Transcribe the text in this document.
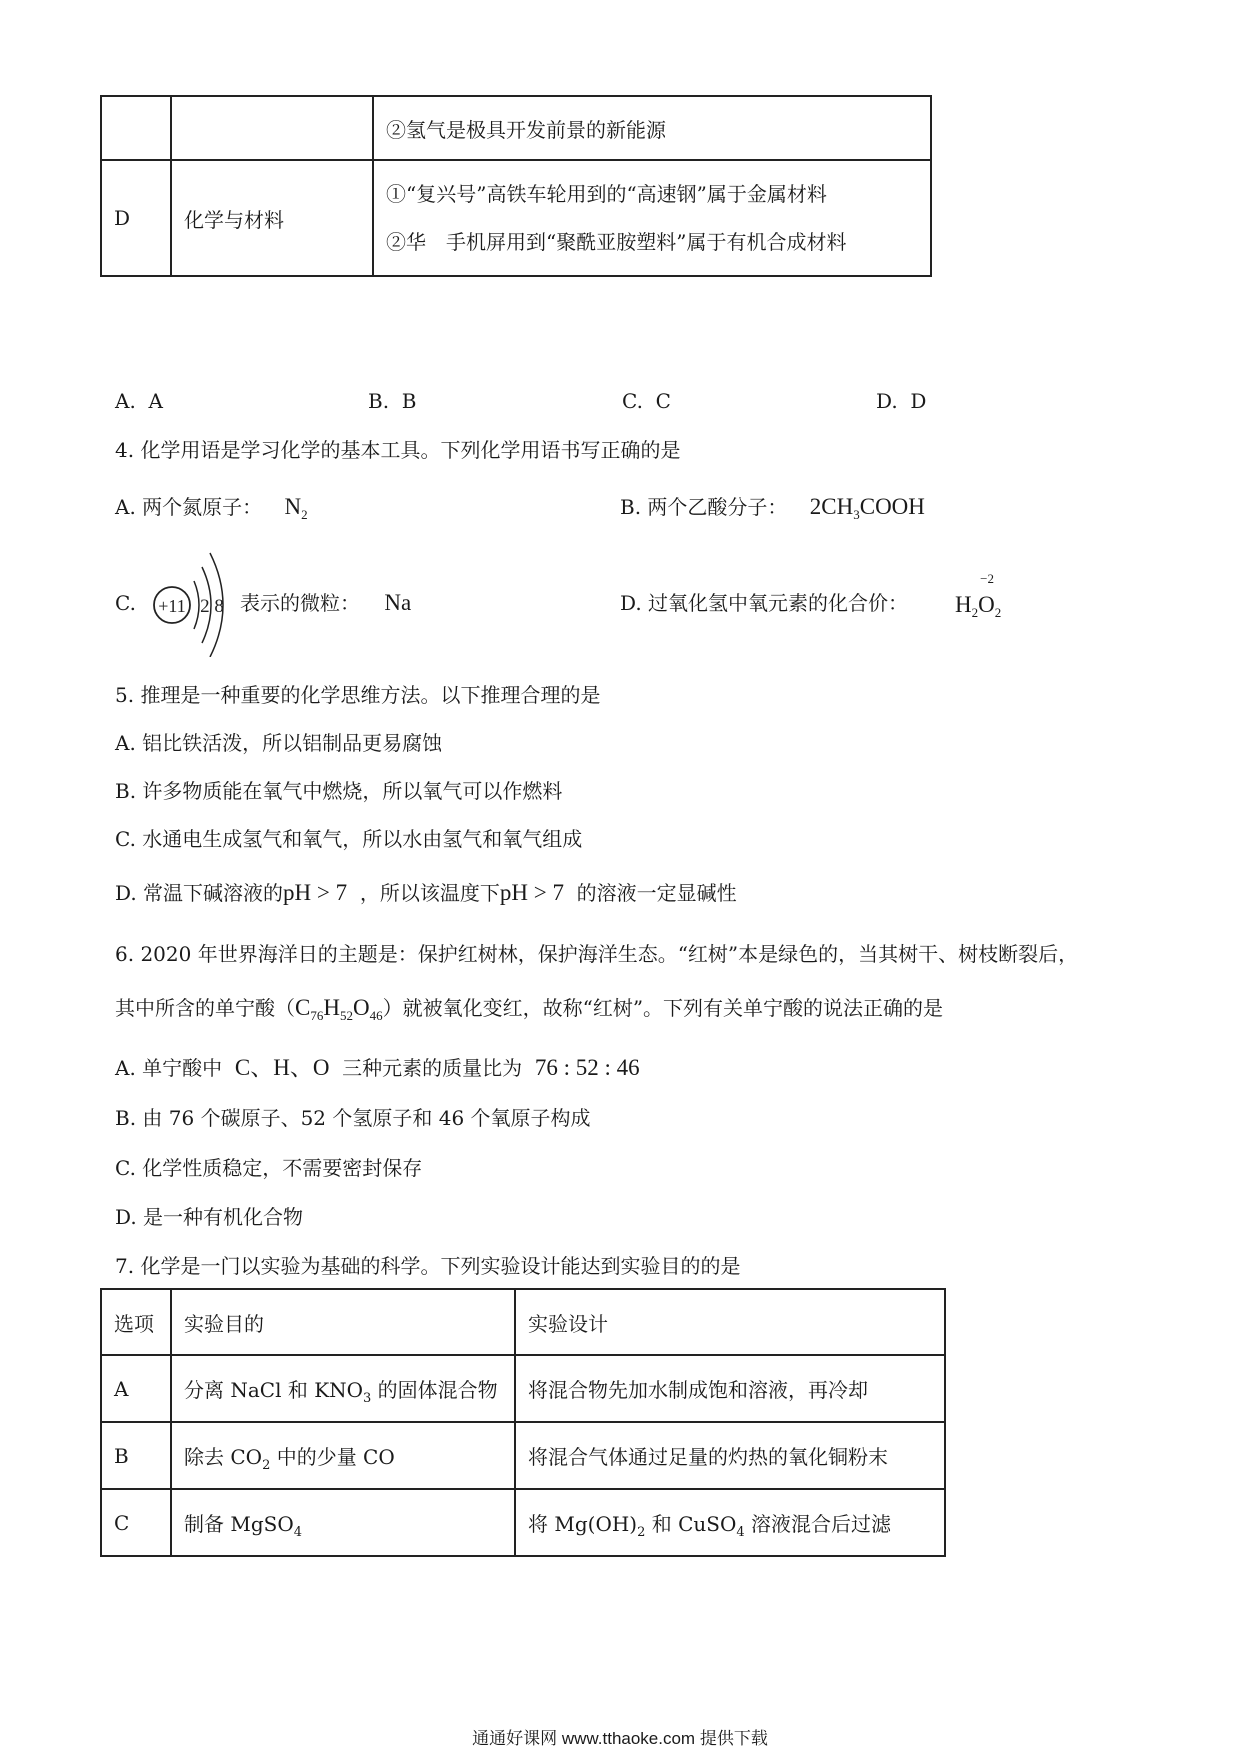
		②氢气是极具开发前景的新能源
D	化学与材料	①“复兴号”高铁车轮用到的“高速钢”属于金属材料
②华　手机屏用到“聚酰亚胺塑料”属于有机合成材料
A. A	B. B	C. C	D. D
4. 化学用语是学习化学的基本工具。下列化学用语书写正确的是
A. 两个氮原子： $N_2$	B. 两个乙酸分子： $2CH_3COOH$
C. +11 2 8 表示的微粒： Na	D. 过氧化氢中氧元素的化合价： $H_2$
−2
$O_2$
5. 推理是一种重要的化学思维方法。以下推理合理的是
A. 铝比铁活泼，所以铝制品更易腐蚀
B. 许多物质能在氧气中燃烧，所以氧气可以作燃料
C. 水通电生成氢气和氧气，所以水由氢气和氧气组成
D. 常温下碱溶液的pH > 7 ，所以该温度下pH > 7 的溶液一定显碱性
6. 2020 年世界海洋日的主题是：保护红树林，保护海洋生态。“红树”本是绿色的，当其树干、树枝断裂后，
其中所含的单宁酸$(C_{76}H_{52}O_{46})$就被氧化变红，故称“红树”。下列有关单宁酸的说法正确的是
A. 单宁酸中 C、H、O 三种元素的质量比为 76 : 52 : 46
B. 由 76 个碳原子、52 个氢原子和 46 个氧原子构成
C. 化学性质稳定，不需要密封保存
D. 是一种有机化合物
7. 化学是一门以实验为基础的科学。下列实验设计能达到实验目的的是
选项	实验目的	实验设计
A	分离 NaCl 和 $KNO_3$ 的固体混合物	将混合物先加水制成饱和溶液，再冷却
B	除去 $CO_2$ 中的少量 CO	将混合气体通过足量的灼热的氧化铜粉末
C	制备 MgSO$_4$	将 $Mg(OH)_2$ 和 CuSO$_4$ 溶液混合后过滤
通通好课网 www.tthaoke.com 提供下载
